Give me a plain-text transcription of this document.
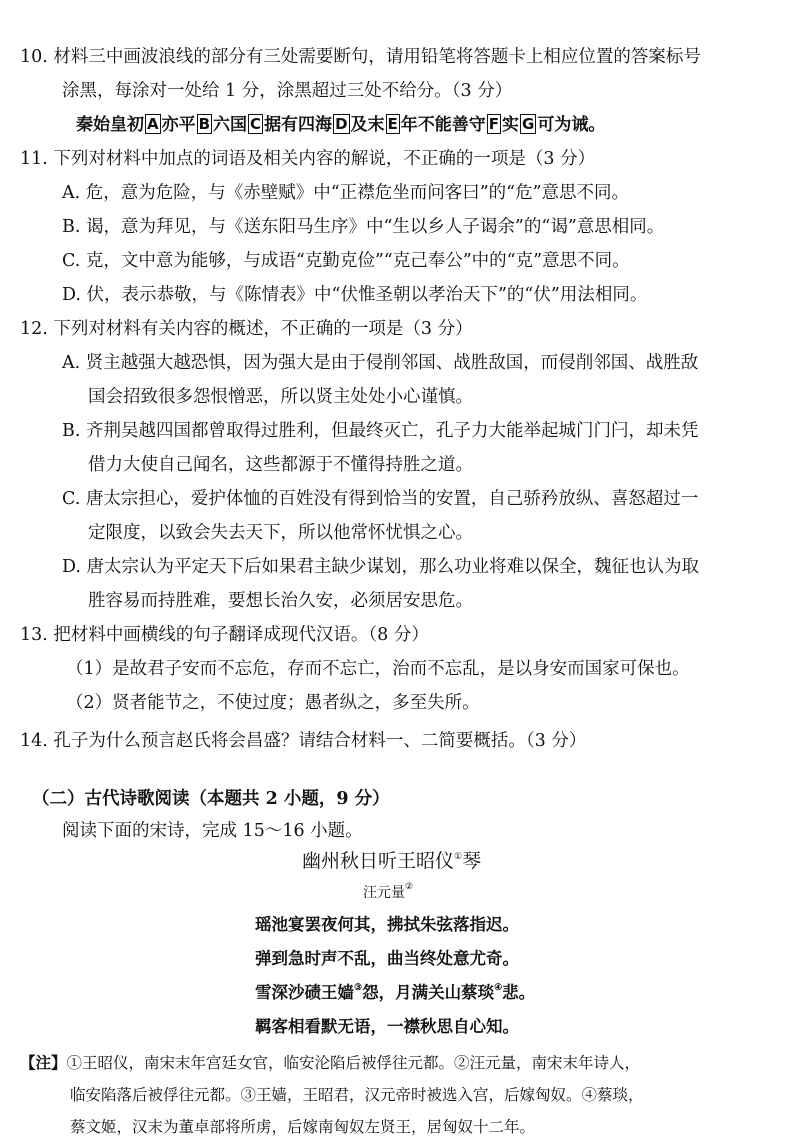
10. 材料三中画波浪线的部分有三处需要断句，请用铅笔将答题卡上相应位置的答案标号
涂黑，每涂对一处给 1 分，涂黑超过三处不给分。（3 分）
秦始皇初 A 亦平 B 六国 C 据有四海 D 及末 E 年不能善守 F 实 G 可为诫。
11. 下列对材料中加点的词语及相关内容的解说，不正确的一项是（3 分）
A. 危，意为危险，与《赤壁赋》中“正襟危坐而问客曰”的“危”意思不同。
B. 谒，意为拜见，与《送东阳马生序》中“生以乡人子谒余”的“谒”意思相同。
C. 克，文中意为能够，与成语“克勤克俭”“克己奉公”中的“克”意思不同。
D. 伏，表示恭敬，与《陈情表》中“伏惟圣朝以孝治天下”的“伏”用法相同。
12. 下列对材料有关内容的概述，不正确的一项是（3 分）
A. 贤主越强大越恐惧，因为强大是由于侵削邻国、战胜敌国，而侵削邻国、战胜敌
国会招致很多怨恨憎恶，所以贤主处处小心谨慎。
B. 齐荆吴越四国都曾取得过胜利，但最终灭亡，孔子力大能举起城门门闩，却未凭
借力大使自己闻名，这些都源于不懂得持胜之道。
C. 唐太宗担心，爱护体恤的百姓没有得到恰当的安置，自己骄矜放纵、喜怒超过一
定限度，以致会失去天下，所以他常怀忧惧之心。
D. 唐太宗认为平定天下后如果君主缺少谋划，那么功业将难以保全，魏征也认为取
胜容易而持胜难，要想长治久安，必须居安思危。
13. 把材料中画横线的句子翻译成现代汉语。（8 分）
（1）是故君子安而不忘危，存而不忘亡，治而不忘乱，是以身安而国家可保也。
（2）贤者能节之，不使过度；愚者纵之，多至失所。
14. 孔子为什么预言赵氏将会昌盛？请结合材料一、二简要概括。（3 分）
（二）古代诗歌阅读（本题共 2 小题，9 分）
阅读下面的宋诗，完成 15～16 小题。
幽州秋日听王昭仪①琴
汪元量②
瑶池宴罢夜何其，拂拭朱弦落指迟。
弹到急时声不乱，曲当终处意尤奇。
雪深沙碛王嫱③怨，月满关山蔡琰④悲。
羁客相看默无语，一襟秋思自心知。
【注】①王昭仪，南宋末年宫廷女官，临安沦陷后被俘往元都。②汪元量，南宋末年诗人，
临安陷落后被俘往元都。③王嫱，王昭君，汉元帝时被选入宫，后嫁匈奴。④蔡琰，
蔡文姬，汉末为董卓部将所虏，后嫁南匈奴左贤王，居匈奴十二年。
